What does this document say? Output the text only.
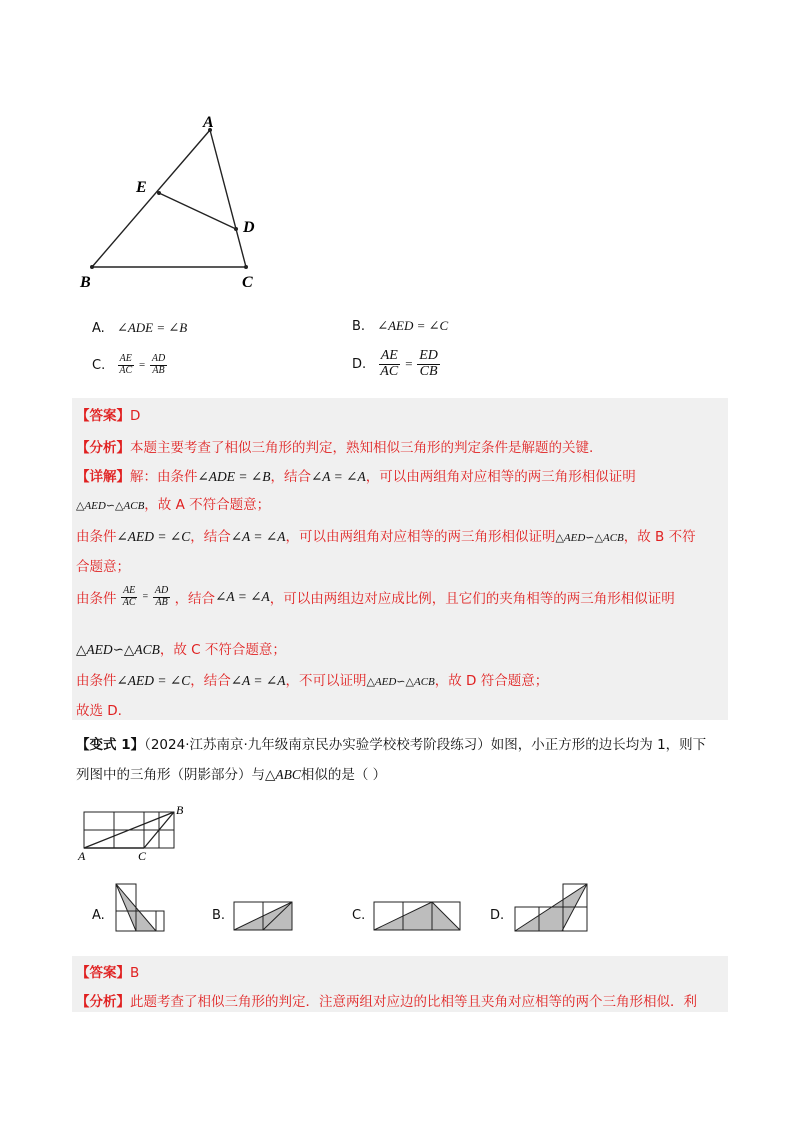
A
B	C
D
E
A. ∠ADE = ∠B	B. ∠AED = ∠C
C. $\frac{AE}{AC} = \frac{AD}{AB}$	D. $\frac{AE}{AC} = \frac{ED}{CB}$
【答案】D
【分析】本题主要考查了相似三角形的判定，熟知相似三角形的判定条件是解题的关键.
【详解】解：由条件∠ADE = ∠B，结合∠A = ∠A，可以由两组角对应相等的两三角形相似证明
△AED∽△ACB，故 A 不符合题意；
由条件∠AED = ∠C，结合∠A = ∠A，可以由两组角对应相等的两三角形相似证明△AED∽△ACB，故 B 不符
合题意；
由条件 $\frac{AE}{AC} = \frac{AD}{AB}$ ，结合∠A = ∠A，可以由两组边对应成比例，且它们的夹角相等的两三角形相似证明
△AED∽△ACB，故 C 不符合题意；
由条件∠AED = ∠C，结合∠A = ∠A，不可以证明△AED∽△ACB，故 D 符合题意；
故选 D.
【变式 1】（2024·江苏南京·九年级南京民办实验学校校考阶段练习）如图，小正方形的边长均为 1，则下
列图中的三角形（阴影部分）与△ABC相似的是（ ）
B
A	C
A.	B.	C.	D.
【答案】B
【分析】此题考查了相似三角形的判定．注意两组对应边的比相等且夹角对应相等的两个三角形相似．利
